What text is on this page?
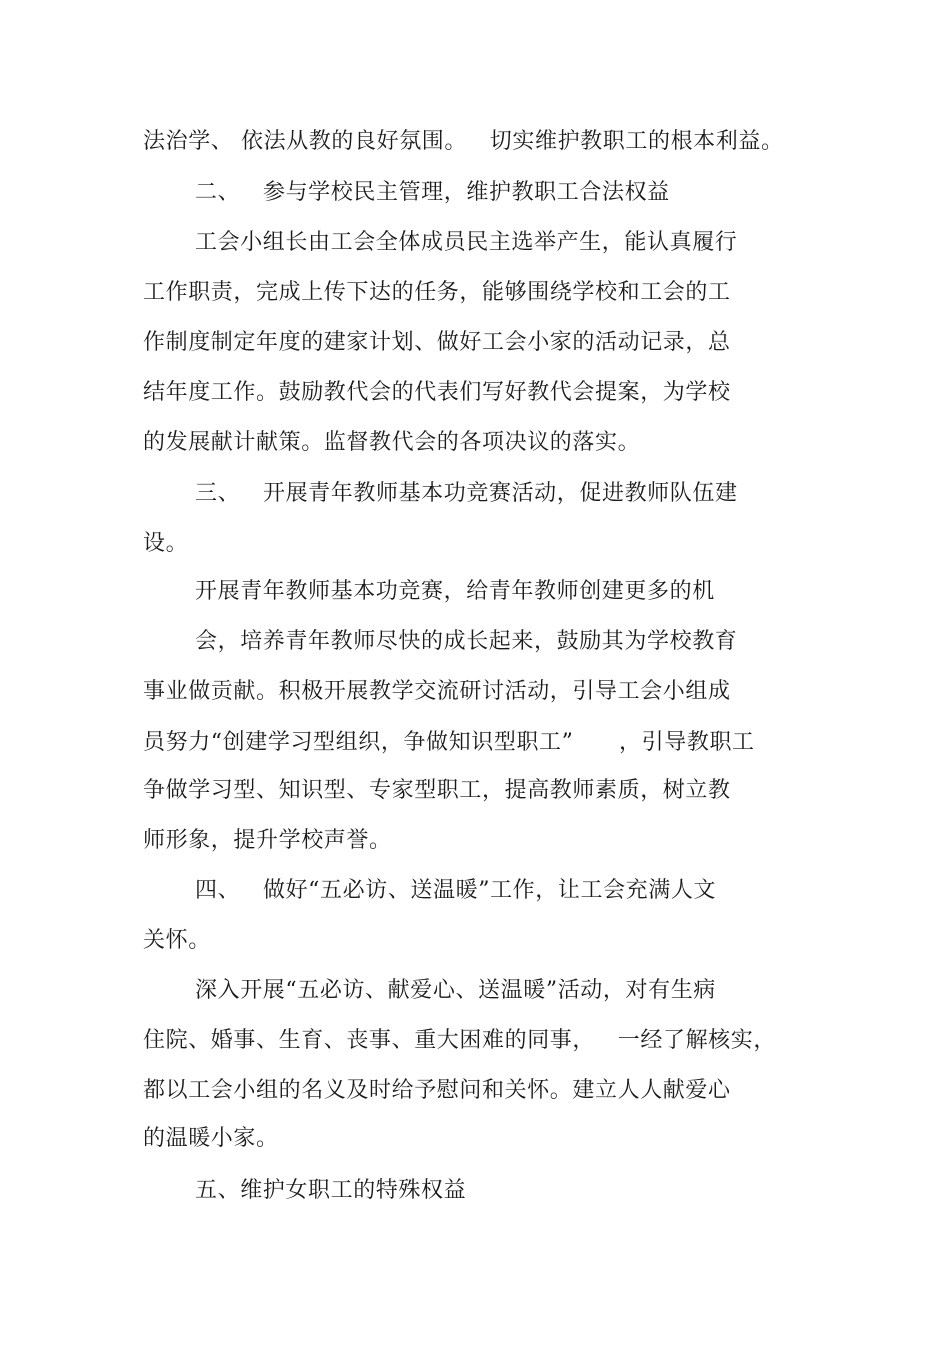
法治学、 依法从教的良好氛围。   切实维护教职工的根本利益。
二、   参与学校民主管理，维护教职工合法权益
工会小组长由工会全体成员民主选举产生，能认真履行
工作职责，完成上传下达的任务，能够围绕学校和工会的工
作制度制定年度的建家计划、做好工会小家的活动记录，总
结年度工作。鼓励教代会的代表们写好教代会提案，为学校
的发展献计献策。监督教代会的各项决议的落实。
三、   开展青年教师基本功竞赛活动，促进教师队伍建
设。
开展青年教师基本功竞赛，给青年教师创建更多的机
会，培养青年教师尽快的成长起来，鼓励其为学校教育
事业做贡献。积极开展教学交流研讨活动，引导工会小组成
员努力“创建学习型组织，争做知识型职工”      ，引导教职工
争做学习型、知识型、专家型职工，提高教师素质，树立教
师形象，提升学校声誉。
四、   做好“五必访、送温暖”工作，让工会充满人文
关怀。
深入开展“五必访、献爱心、送温暖”活动，对有生病
住院、婚事、生育、丧事、重大困难的同事，   一经了解核实，
都以工会小组的名义及时给予慰问和关怀。建立人人献爱心
的温暖小家。
五、维护女职工的特殊权益
